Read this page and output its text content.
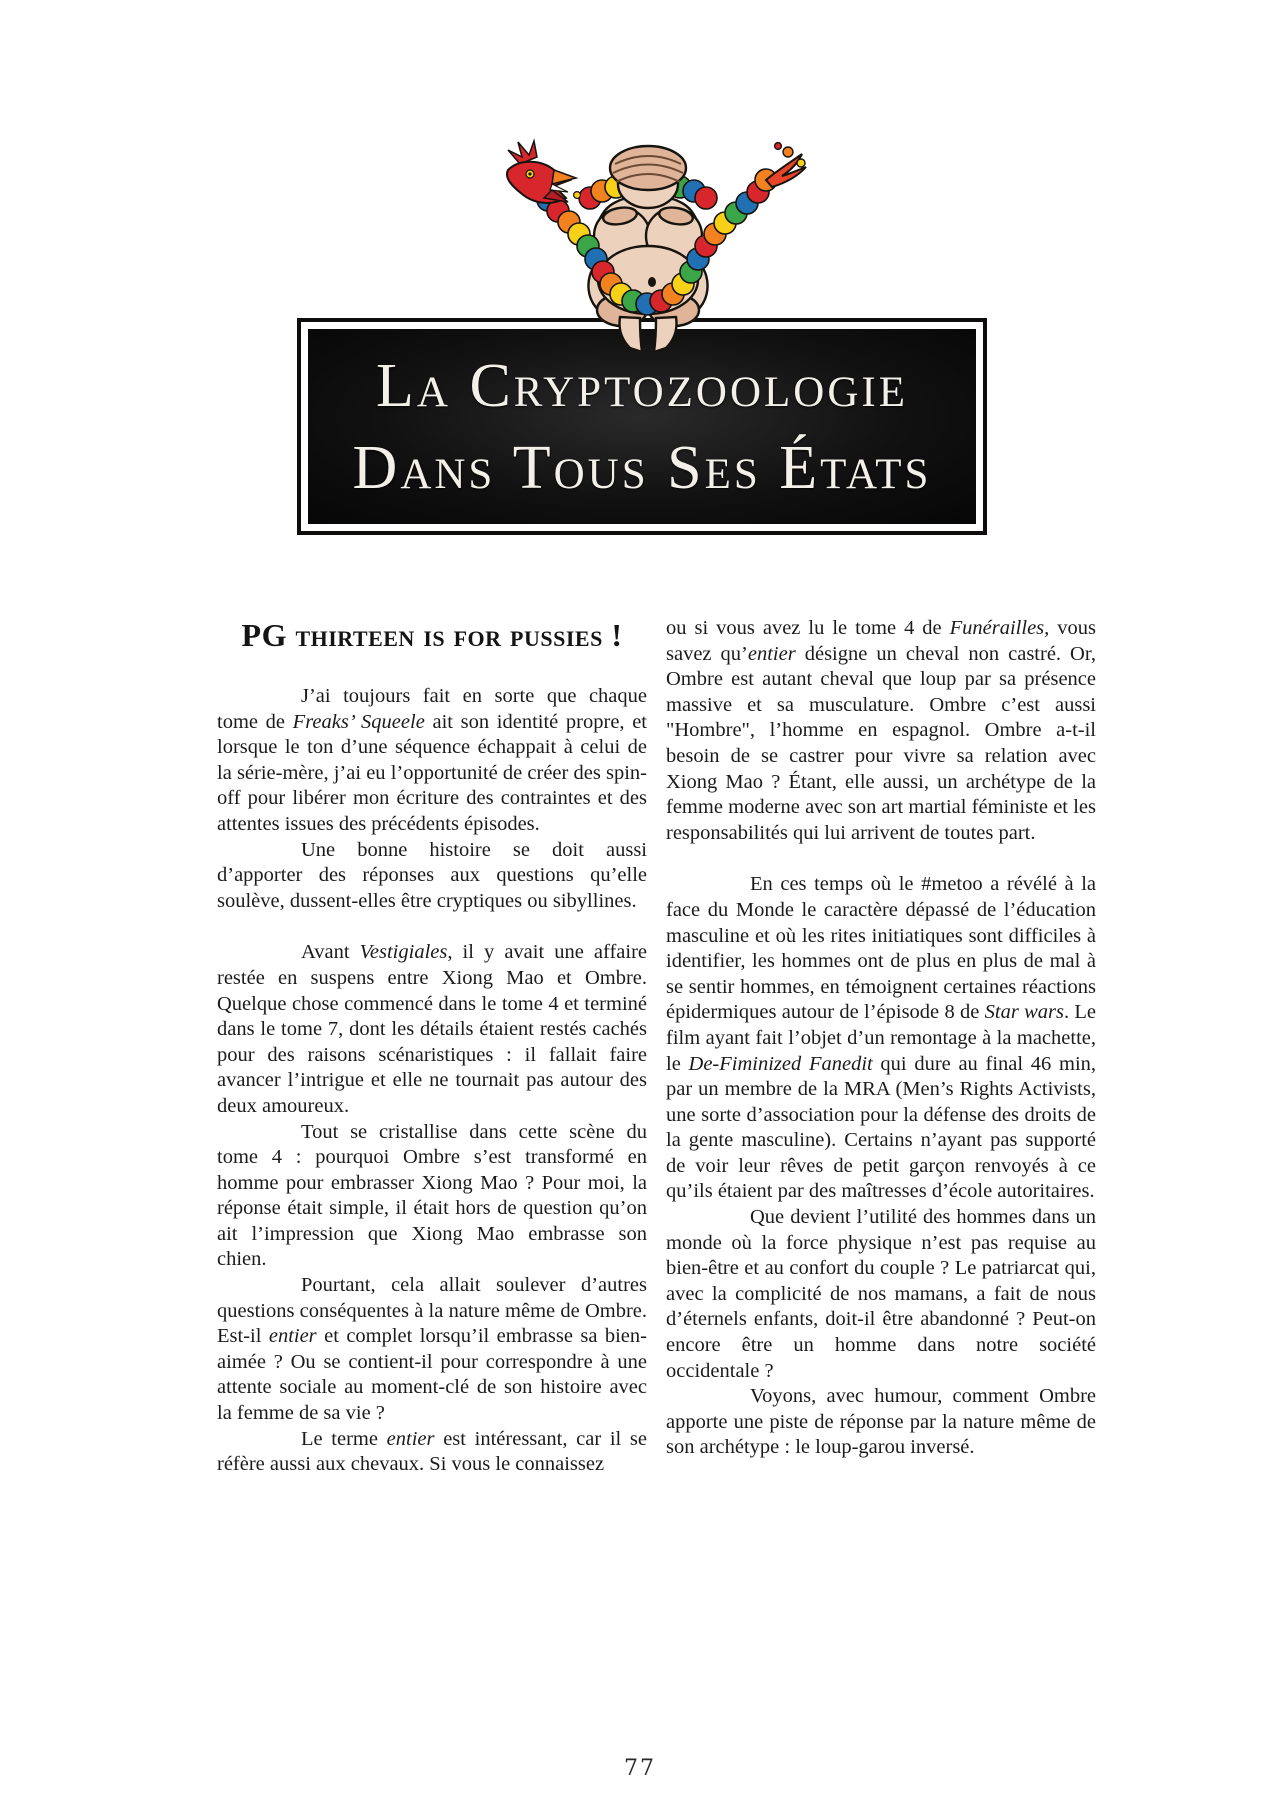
La Cryptozoologie
Dans Tous Ses États
PG thirteen is for pussies !

J’ai toujours fait en sorte que chaque tome de Freaks’ Squeele ait son identité propre, et lorsque le ton d’une séquence échappait à celui de la série-mère, j’ai eu l’opportunité de créer des spin-off pour libérer mon écriture des contraintes et des attentes issues des précédents épisodes.

Une bonne histoire se doit aussi d’apporter des réponses aux questions qu’elle soulève, dussent-elles être cryptiques ou sibyllines.

Avant Vestigiales, il y avait une affaire restée en suspens entre Xiong Mao et Ombre. Quelque chose commencé dans le tome 4 et terminé dans le tome 7, dont les détails étaient restés cachés pour des raisons scénaristiques : il fallait faire avancer l’intrigue et elle ne tournait pas autour des deux amoureux.

Tout se cristallise dans cette scène du tome 4 : pourquoi Ombre s’est transformé en homme pour embrasser Xiong Mao ? Pour moi, la réponse était simple, il était hors de question qu’on ait l’impression que Xiong Mao embrasse son chien.

Pourtant, cela allait soulever d’autres questions conséquentes à la nature même de Ombre. Est-il entier et complet lorsqu’il embrasse sa bien-aimée ? Ou se contient-il pour correspondre à une attente sociale au moment-clé de son histoire avec la femme de sa vie ?

Le terme entier est intéressant, car il se réfère aussi aux chevaux. Si vous le connaissez

ou si vous avez lu le tome 4 de Funérailles, vous savez qu’entier désigne un cheval non castré. Or, Ombre est autant cheval que loup par sa présence massive et sa musculature. Ombre c’est aussi "Hombre", l’homme en espagnol. Ombre a-t-il besoin de se castrer pour vivre sa relation avec Xiong Mao ? Étant, elle aussi, un archétype de la femme moderne avec son art martial féministe et les responsabilités qui lui arrivent de toutes part.

En ces temps où le #metoo a révélé à la face du Monde le caractère dépassé de l’éducation masculine et où les rites initiatiques sont difficiles à identifier, les hommes ont de plus en plus de mal à se sentir hommes, en témoignent certaines réactions épidermiques autour de l’épisode 8 de Star wars. Le film ayant fait l’objet d’un remontage à la machette, le De-Fiminized Fanedit qui dure au final 46 min, par un membre de la MRA (Men’s Rights Activists, une sorte d’association pour la défense des droits de la gente masculine). Certains n’ayant pas supporté de voir leur rêves de petit garçon renvoyés à ce qu’ils étaient par des maîtresses d’école autoritaires.

Que devient l’utilité des hommes dans un monde où la force physique n’est pas requise au bien-être et au confort du couple ? Le patriarcat qui, avec la complicité de nos mamans, a fait de nous d’éternels enfants, doit-il être abandonné ? Peut-on encore être un homme dans notre société occidentale ?

Voyons, avec humour, comment Ombre apporte une piste de réponse par la nature même de son archétype : le loup-garou inversé.

77
